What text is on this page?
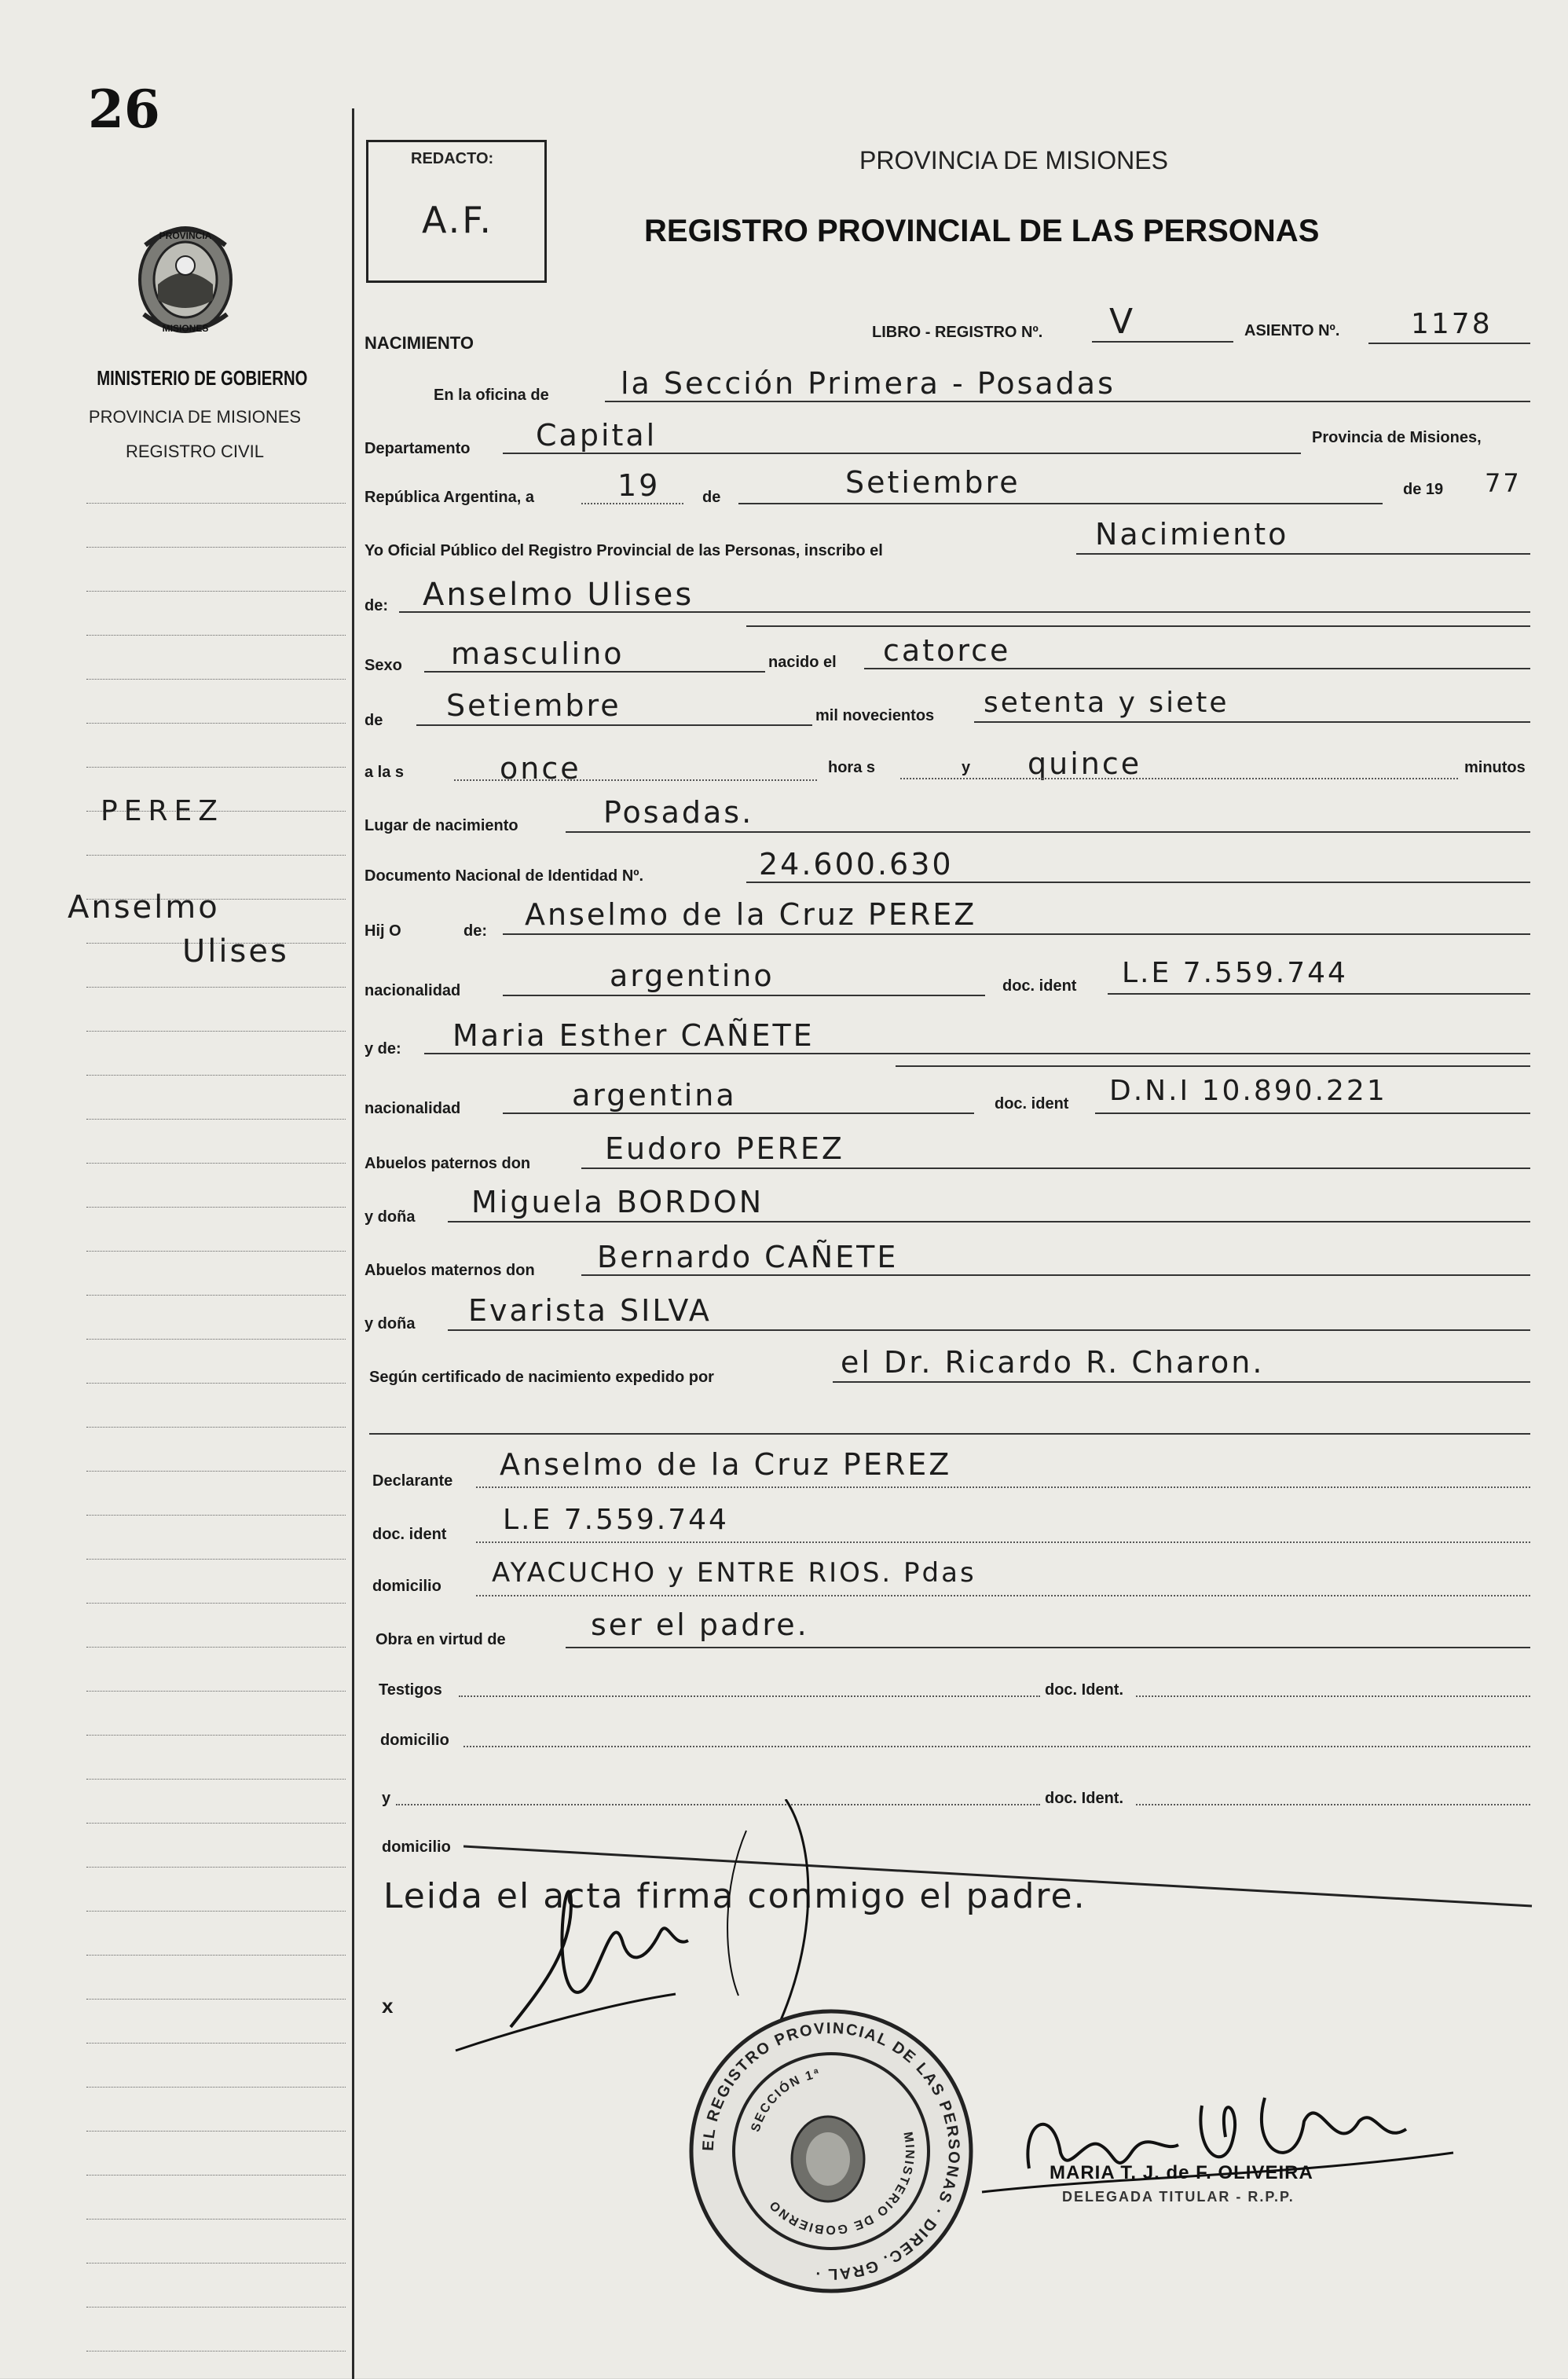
26
PROVINCIA
MISIONES
MINISTERIO DE GOBIERNO
PROVINCIA DE MISIONES
REGISTRO CIVIL
PEREZ
Anselmo
Ulises
REDACTO:
A.F.
PROVINCIA DE MISIONES
REGISTRO PROVINCIAL DE LAS PERSONAS
NACIMIENTO
LIBRO - REGISTRO Nº. V	ASIENTO Nº.	1178
En la oficina de la Sección Primera - Posadas
Departamento Capital	Provincia de Misiones,
República Argentina, a	19	de	Setiembre	de 19 77
Yo Oficial Público del Registro Provincial de las Personas, inscribo el	Nacimiento
de: Anselmo Ulises
Sexo masculino	nacido el catorce
de Setiembre	mil novecientos setenta y siete
a la s	once	hora s	y quince	minutos
Lugar de nacimiento	Posadas.
Documento Nacional de Identidad Nº.	24.600.630
Hij O	de: Anselmo de la Cruz PEREZ
nacionalidad	argentino	doc. ident L.E 7.559.744
y de: Maria Esther CAÑETE
nacionalidad	argentina	doc. ident D.N.I 10.890.221
Abuelos paternos don Eudoro PEREZ
y doña Miguela BORDON
Abuelos maternos don Bernardo CAÑETE
y doña Evarista SILVA
Según certificado de nacimiento expedido por	el Dr. Ricardo R. Charon.
Declarante Anselmo de la Cruz PEREZ
doc. ident L.E 7.559.744
domicilio AYACUCHO y ENTRE RIOS. Pdas
Obra en virtud de	ser el padre.
Testigos	doc. Ident.
domicilio
y	doc. Ident.
domicilio
Leida el acta firma conmigo el padre.
x
EL REGISTRO PROVINCIAL DE LAS PERSONAS · DIREC. GRAL ·
SECCIÓN 1ª
MINISTERIO DE GOBIERNO
MARIA T. J. de F. OLIVEIRA
DELEGADA TITULAR - R.P.P.
